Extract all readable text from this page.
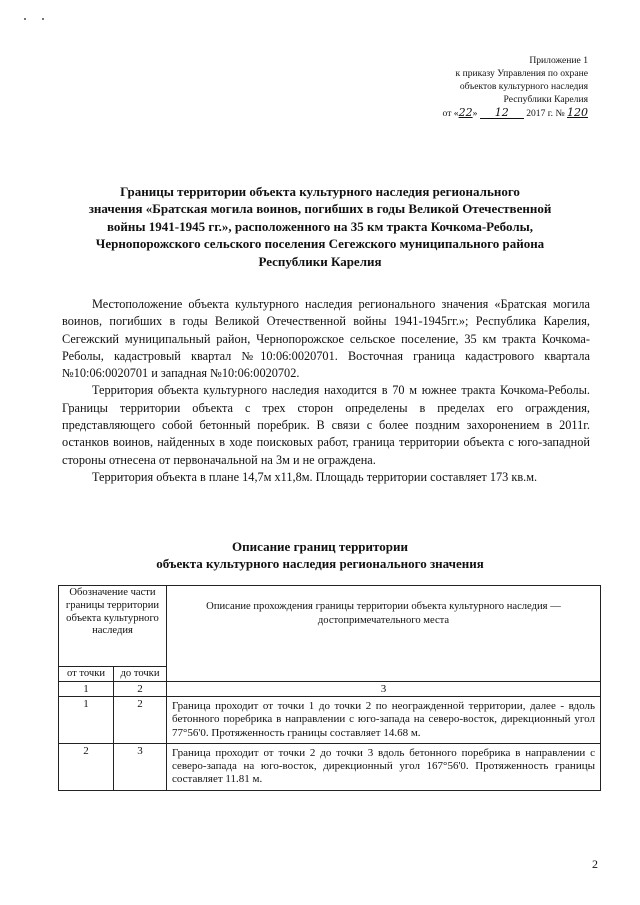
Приложение 1
к приказу Управления по охране
объектов культурного наследия
Республики Карелия
от «22» 12 2017 г. № 120
Границы территории объекта культурного наследия регионального
значения «Братская могила воинов, погибших в годы Великой Отечественной
войны 1941-1945 гг.», расположенного на 35 км тракта Кочкома-Реболы,
Чернопорожского сельского поселения Сегежского муниципального района
Республики Карелия

Местоположение объекта культурного наследия регионального значения «Братская могила воинов, погибших в годы Великой Отечественной войны 1941-1945гг.»; Республика Карелия, Сегежский муниципальный район, Чернопорожское сельское поселение, 35 км тракта Кочкома-Реболы, кадастровый квартал №10:06:0020701. Восточная граница кадастрового квартала №10:06:0020701 и западная №10:06:0020702.

Территория объекта культурного наследия находится в 70 м южнее тракта Кочкома-Реболы. Границы территории объекта с трех сторон определены в пределах его ограждения, представляющего собой бетонный поребрик. В связи с более поздним захоронением в 2011г. останков воинов, найденных в ходе поисковых работ, граница территории объекта с юго-западной стороны отнесена от первоначальной на 3м и не ограждена.

Территория объекта в плане 14,7м х11,8м. Площадь территории составляет 173 кв.м.

Описание границ территории
объекта культурного наследия регионального значения
Обозначение части границы территории объекта культурного наследия		Описание прохождения границы территории объекта культурного наследия — достопримечательного места
от точки	до точки	
1	2	3
1	2	Граница проходит от точки 1 до точки 2 по неогражденной территории, далее - вдоль бетонного поребрика в направлении с юго-запада на северо-восток, дирекционный угол 77°56'0. Протяженность границы составляет 14.68 м.
2	3	Граница проходит от точки 2 до точки 3 вдоль бетонного поребрика в направлении с северо-запада на юго-восток, дирекционный угол 167°56'0. Протяженность границы составляет 11.81 м.
2
